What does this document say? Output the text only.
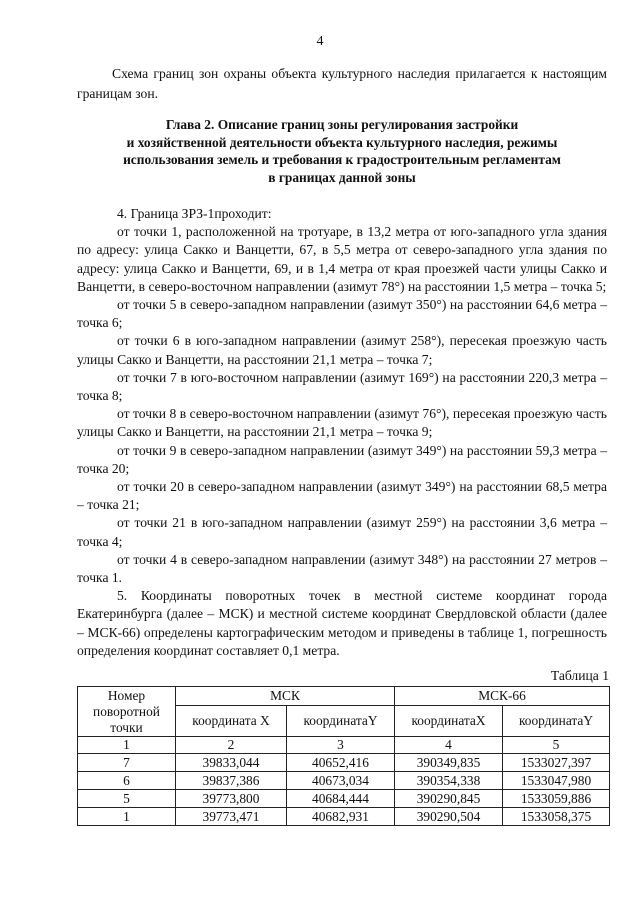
4
Схема границ зон охраны объекта культурного наследия прилагается к настоящим границам зон.
Глава 2. Описание границ зоны регулирования застройки
и хозяйственной деятельности объекта культурного наследия, режимы
использования земель и требования к градостроительным регламентам
в границах данной зоны
4. Граница ЗРЗ-1проходит:
от точки 1, расположенной на тротуаре, в 13,2 метра от юго-западного угла здания по адресу: улица Сакко и Ванцетти, 67, в 5,5 метра от северо-западного угла здания по адресу: улица Сакко и Ванцетти, 69, и в 1,4 метра от края проезжей части улицы Сакко и Ванцетти, в северо-восточном направлении (азимут 78°) на расстоянии 1,5 метра – точка 5;
от точки 5 в северо-западном направлении (азимут 350°) на расстоянии 64,6 метра – точка 6;
от точки 6 в юго-западном направлении (азимут 258°), пересекая проезжую часть улицы Сакко и Ванцетти, на расстоянии 21,1 метра – точка 7;
от точки 7 в юго-восточном направлении (азимут 169°) на расстоянии 220,3 метра – точка 8;
от точки 8 в северо-восточном направлении (азимут 76°), пересекая проезжую часть улицы Сакко и Ванцетти, на расстоянии 21,1 метра – точка 9;
от точки 9 в северо-западном направлении (азимут 349°) на расстоянии 59,3 метра – точка 20;
от точки 20 в северо-западном направлении (азимут 349°) на расстоянии 68,5 метра – точка 21;
от точки 21 в юго-западном направлении (азимут 259°) на расстоянии 3,6 метра – точка 4;
от точки 4 в северо-западном направлении (азимут 348°) на расстоянии 27 метров – точка 1.
5. Координаты поворотных точек в местной системе координат города Екатеринбурга (далее – МСК) и местной системе координат Свердловской области (далее – МСК-66) определены картографическим методом и приведены в таблице 1, погрешность определения координат составляет 0,1 метра.
Таблица 1
Номер поворотной точки	МСК		МСК-66	
	координата X	координатаY	координатаX	координатаY
1	2	3	4	5
7	39833,044	40652,416	390349,835	1533027,397
6	39837,386	40673,034	390354,338	1533047,980
5	39773,800	40684,444	390290,845	1533059,886
1	39773,471	40682,931	390290,504	1533058,375
